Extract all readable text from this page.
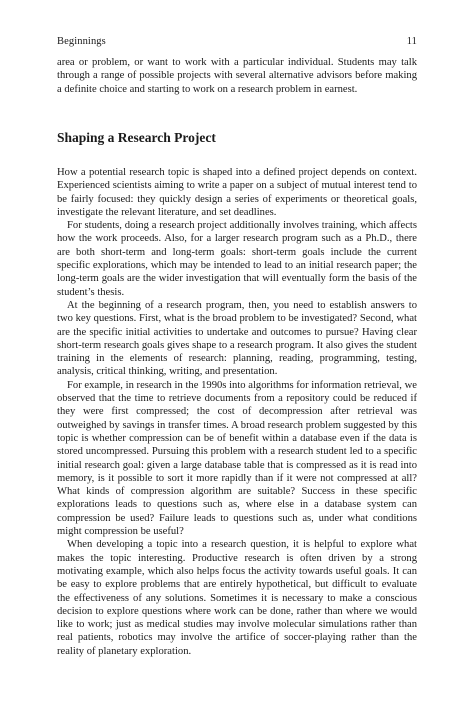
Beginnings	11

area or problem, or want to work with a particular individual. Students may talk through a range of possible projects with several alternative advisors before making a definite choice and starting to work on a research problem in earnest.

Shaping a Research Project

How a potential research topic is shaped into a defined project depends on context. Experienced scientists aiming to write a paper on a subject of mutual interest tend to be fairly focused: they quickly design a series of experiments or theoretical goals, investigate the relevant literature, and set deadlines.

For students, doing a research project additionally involves training, which affects how the work proceeds. Also, for a larger research program such as a Ph.D., there are both short-term and long-term goals: short-term goals include the current specific explorations, which may be intended to lead to an initial research paper; the long-term goals are the wider investigation that will eventually form the basis of the student’s thesis.

At the beginning of a research program, then, you need to establish answers to two key questions. First, what is the broad problem to be investigated? Second, what are the specific initial activities to undertake and outcomes to pursue? Having clear short-term research goals gives shape to a research program. It also gives the student training in the elements of research: planning, reading, programming, testing, analysis, critical thinking, writing, and presentation.

For example, in research in the 1990s into algorithms for information retrieval, we observed that the time to retrieve documents from a repository could be reduced if they were first compressed; the cost of decompression after retrieval was outweighed by savings in transfer times. A broad research problem suggested by this topic is whether compression can be of benefit within a database even if the data is stored uncompressed. Pursuing this problem with a research student led to a specific initial research goal: given a large database table that is compressed as it is read into memory, is it possible to sort it more rapidly than if it were not compressed at all? What kinds of compression algorithm are suitable? Success in these specific explorations leads to questions such as, where else in a database system can compression be used? Failure leads to questions such as, under what conditions might compression be useful?

When developing a topic into a research question, it is helpful to explore what makes the topic interesting. Productive research is often driven by a strong motivating example, which also helps focus the activity towards useful goals. It can be easy to explore problems that are entirely hypothetical, but difficult to evaluate the effectiveness of any solutions. Sometimes it is necessary to make a conscious decision to explore questions where work can be done, rather than where we would like to work; just as medical studies may involve molecular simulations rather than real patients, robotics may involve the artifice of soccer-playing rather than the reality of planetary exploration.
